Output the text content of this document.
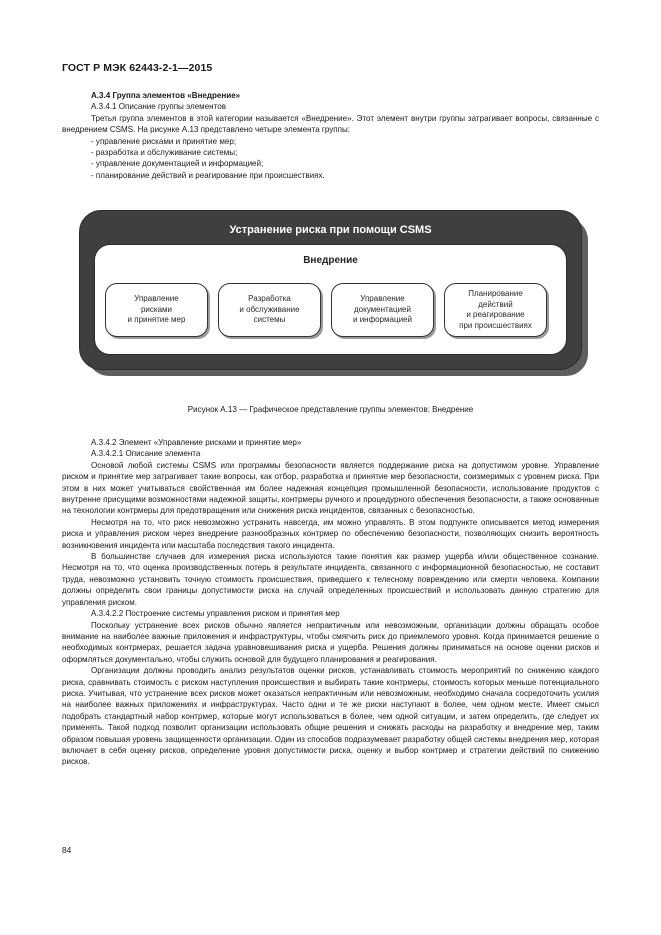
ГОСТ Р МЭК 62443-2-1—2015

А.3.4 Группа элементов «Внедрение»

А.3.4.1 Описание группы элементов

Третья группа элементов в этой категории называется «Внедрение». Этот элемент внутри группы затрагивает вопросы, связанные с внедрением CSMS. На рисунке А.13 представлено четыре элемента группы:

- управление рисками и принятие мер;
- разработка и обслуживание системы;
- управление документацией и информацией;
- планирование действий и реагирование при происшествиях.
Устранение риска при помощи CSMS
Внедрение
Управление
рисками
и принятие мер
Разработка
и обслуживание
системы
Управление
документацией
и информацией
Планирование
действий
и реагирование
при происшествиях
Рисунок А.13 — Графическое представление группы элементов: Внедрение

А.3.4.2 Элемент «Управление рисками и принятие мер»

А.3.4.2.1 Описание элемента

Основой любой системы CSMS или программы безопасности является поддержание риска на допустимом уровне. Управление риском и принятие мер затрагивает такие вопросы, как отбор, разработка и принятие мер безопасности, соизмеримых с уровнем риска. При этом в них может учитываться свойственная им более надежная концепция промышленной безопасности, использование продуктов с внутренне присущими возможностями надежной защиты, контрмеры ручного и процедурного обеспечения безопасности, а также основанные на технологии контрмеры для предотвращения или снижения риска инцидентов, связанных с безопасностью.

Несмотря на то, что риск невозможно устранить навсегда, им можно управлять. В этом подпункте описывается метод измерения риска и управления риском через внедрение разнообразных контрмер по обеспечению безопасности, позволяющих снизить вероятность возникновения инцидента или масштаба последствия такого инцидента.

В большинстве случаев для измерения риска используются такие понятия как размер ущерба и/или общественное сознание. Несмотря на то, что оценка производственных потерь в результате инцидента, связанного с информационной безопасностью, не составит труда, невозможно установить точную стоимость происшествия, приведшего к телесному повреждению или смерти человека. Компании должны определить свои границы допустимости риска на случай определенных происшествий и использовать данную стратегию для управления риском.

А.3.4.2.2 Построение системы управления риском и принятия мер

Поскольку устранение всех рисков обычно является непрактичным или невозможным, организации должны обращать особое внимание на наиболее важные приложения и инфраструктуры, чтобы смягчить риск до приемлемого уровня. Когда принимается решение о необходимых контрмерах, решается задача уравновешивания риска и ущерба. Решения должны приниматься на основе оценки рисков и оформляться документально, чтобы служить основой для будущего планирования и реагирования.

Организации должны проводить анализ результатов оценки рисков, устанавливать стоимость мероприятий по снижению каждого риска, сравнивать стоимость с риском наступления происшествия и выбирать такие контрмеры, стоимость которых меньше потенциального риска. Учитывая, что устранение всех рисков может оказаться непрактичным или невозможным, необходимо сначала сосредоточить усилия на наиболее важных приложениях и инфраструктурах. Часто одни и те же риски наступают в более, чем одном месте. Имеет смысл подобрать стандартный набор контрмер, которые могут использоваться в более, чем одной ситуации, и затем определить, где следует их применять. Такой подход позволит организации использовать общие решения и снижать расходы на разработку и внедрение мер, таким образом повышая уровень защищенности организации. Один из способов подразумевает разработку общей системы внедрения мер, которая включает в себя оценку рисков, определение уровня допустимости риска, оценку и выбор контрмер и стратегии действий по снижению рисков.

84
